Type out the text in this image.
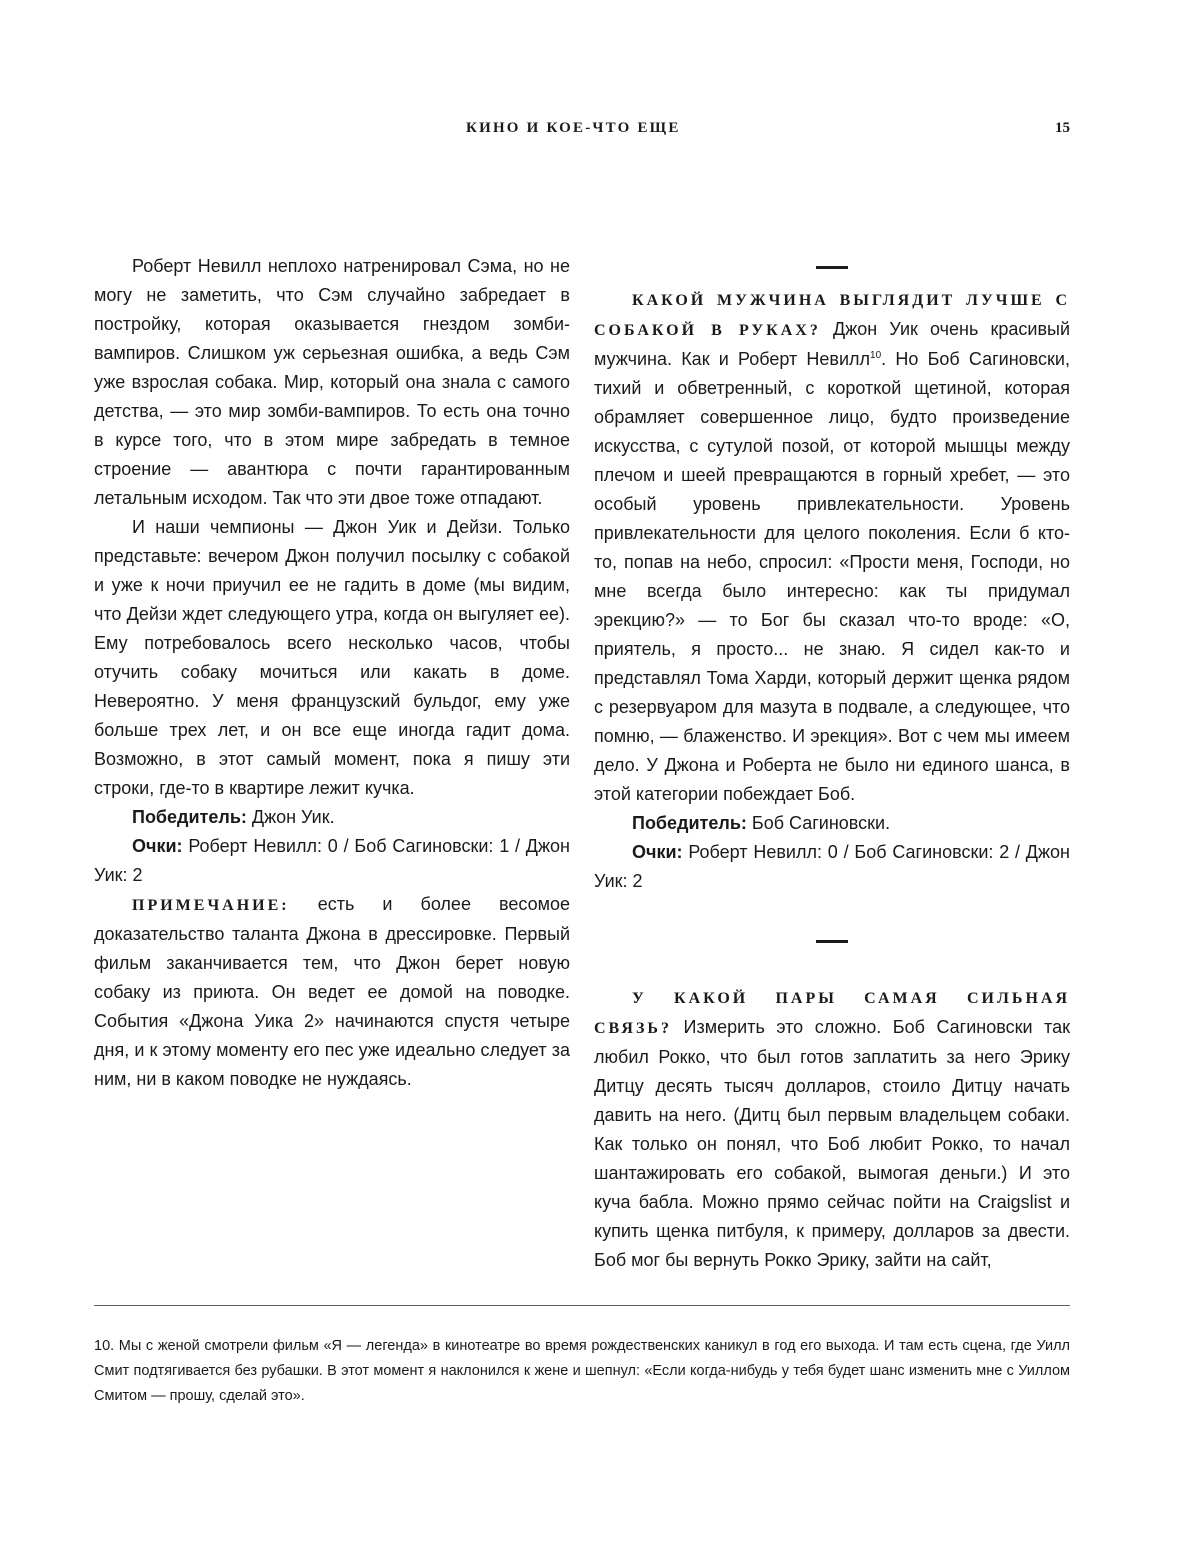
КИНО И КОЕ-ЧТО ЕЩЕ	15

Роберт Невилл неплохо натренировал Сэма, но не могу не заметить, что Сэм случайно забредает в постройку, которая оказывается гнездом зомби-вампиров. Слишком уж серьезная ошибка, а ведь Сэм уже взрослая собака. Мир, который она знала с самого детства, — это мир зомби-вампиров. То есть она точно в курсе того, что в этом мире забредать в темное строение — авантюра с почти гарантированным летальным исходом. Так что эти двое тоже отпадают.

И наши чемпионы — Джон Уик и Дейзи. Только представьте: вечером Джон получил посылку с собакой и уже к ночи приучил ее не гадить в доме (мы видим, что Дейзи ждет следующего утра, когда он выгуляет ее). Ему потребовалось всего несколько часов, чтобы отучить собаку мочиться или какать в доме. Невероятно. У меня французский бульдог, ему уже больше трех лет, и он все еще иногда гадит дома. Возможно, в этот самый момент, пока я пишу эти строки, где-то в квартире лежит кучка.

Победитель: Джон Уик.

Очки: Роберт Невилл: 0 / Боб Сагиновски: 1 / Джон Уик: 2

ПРИМЕЧАНИЕ: есть и более весомое доказательство таланта Джона в дрессировке. Первый фильм заканчивается тем, что Джон берет новую собаку из приюта. Он ведет ее домой на поводке. События «Джона Уика 2» начинаются спустя четыре дня, и к этому моменту его пес уже идеально следует за ним, ни в каком поводке не нуждаясь.

КАКОЙ МУЖЧИНА ВЫГЛЯДИТ ЛУЧШЕ С СОБАКОЙ В РУКАХ? Джон Уик очень красивый мужчина. Как и Роберт Невилл$^{10}$. Но Боб Сагиновски, тихий и обветренный, с короткой щетиной, которая обрамляет совершенное лицо, будто произведение искусства, с сутулой позой, от которой мышцы между плечом и шеей превращаются в горный хребет, — это особый уровень привлекательности. Уровень привлекательности для целого поколения. Если б кто-то, попав на небо, спросил: «Прости меня, Господи, но мне всегда было интересно: как ты придумал эрекцию?» — то Бог бы сказал что-то вроде: «О, приятель, я просто... не знаю. Я сидел как-то и представлял Тома Харди, который держит щенка рядом с резервуаром для мазута в подвале, а следующее, что помню, — блаженство. И эрекция». Вот с чем мы имеем дело. У Джона и Роберта не было ни единого шанса, в этой категории побеждает Боб.

Победитель: Боб Сагиновски.

Очки: Роберт Невилл: 0 / Боб Сагиновски: 2 / Джон Уик: 2

У КАКОЙ ПАРЫ САМАЯ СИЛЬНАЯ СВЯЗЬ? Измерить это сложно. Боб Сагиновски так любил Рокко, что был готов заплатить за него Эрику Дитцу десять тысяч долларов, стоило Дитцу начать давить на него. (Дитц был первым владельцем собаки. Как только он понял, что Боб любит Рокко, то начал шантажировать его собакой, вымогая деньги.) И это куча бабла. Можно прямо сейчас пойти на Craigslist и купить щенка питбуля, к примеру, долларов за двести. Боб мог бы вернуть Рокко Эрику, зайти на сайт,

10. Мы с женой смотрели фильм «Я — легенда» в кинотеатре во время рождественских каникул в год его выхода. И там есть сцена, где Уилл Смит подтягивается без рубашки. В этот момент я наклонился к жене и шепнул: «Если когда-нибудь у тебя будет шанс изменить мне с Уиллом Смитом — прошу, сделай это».
